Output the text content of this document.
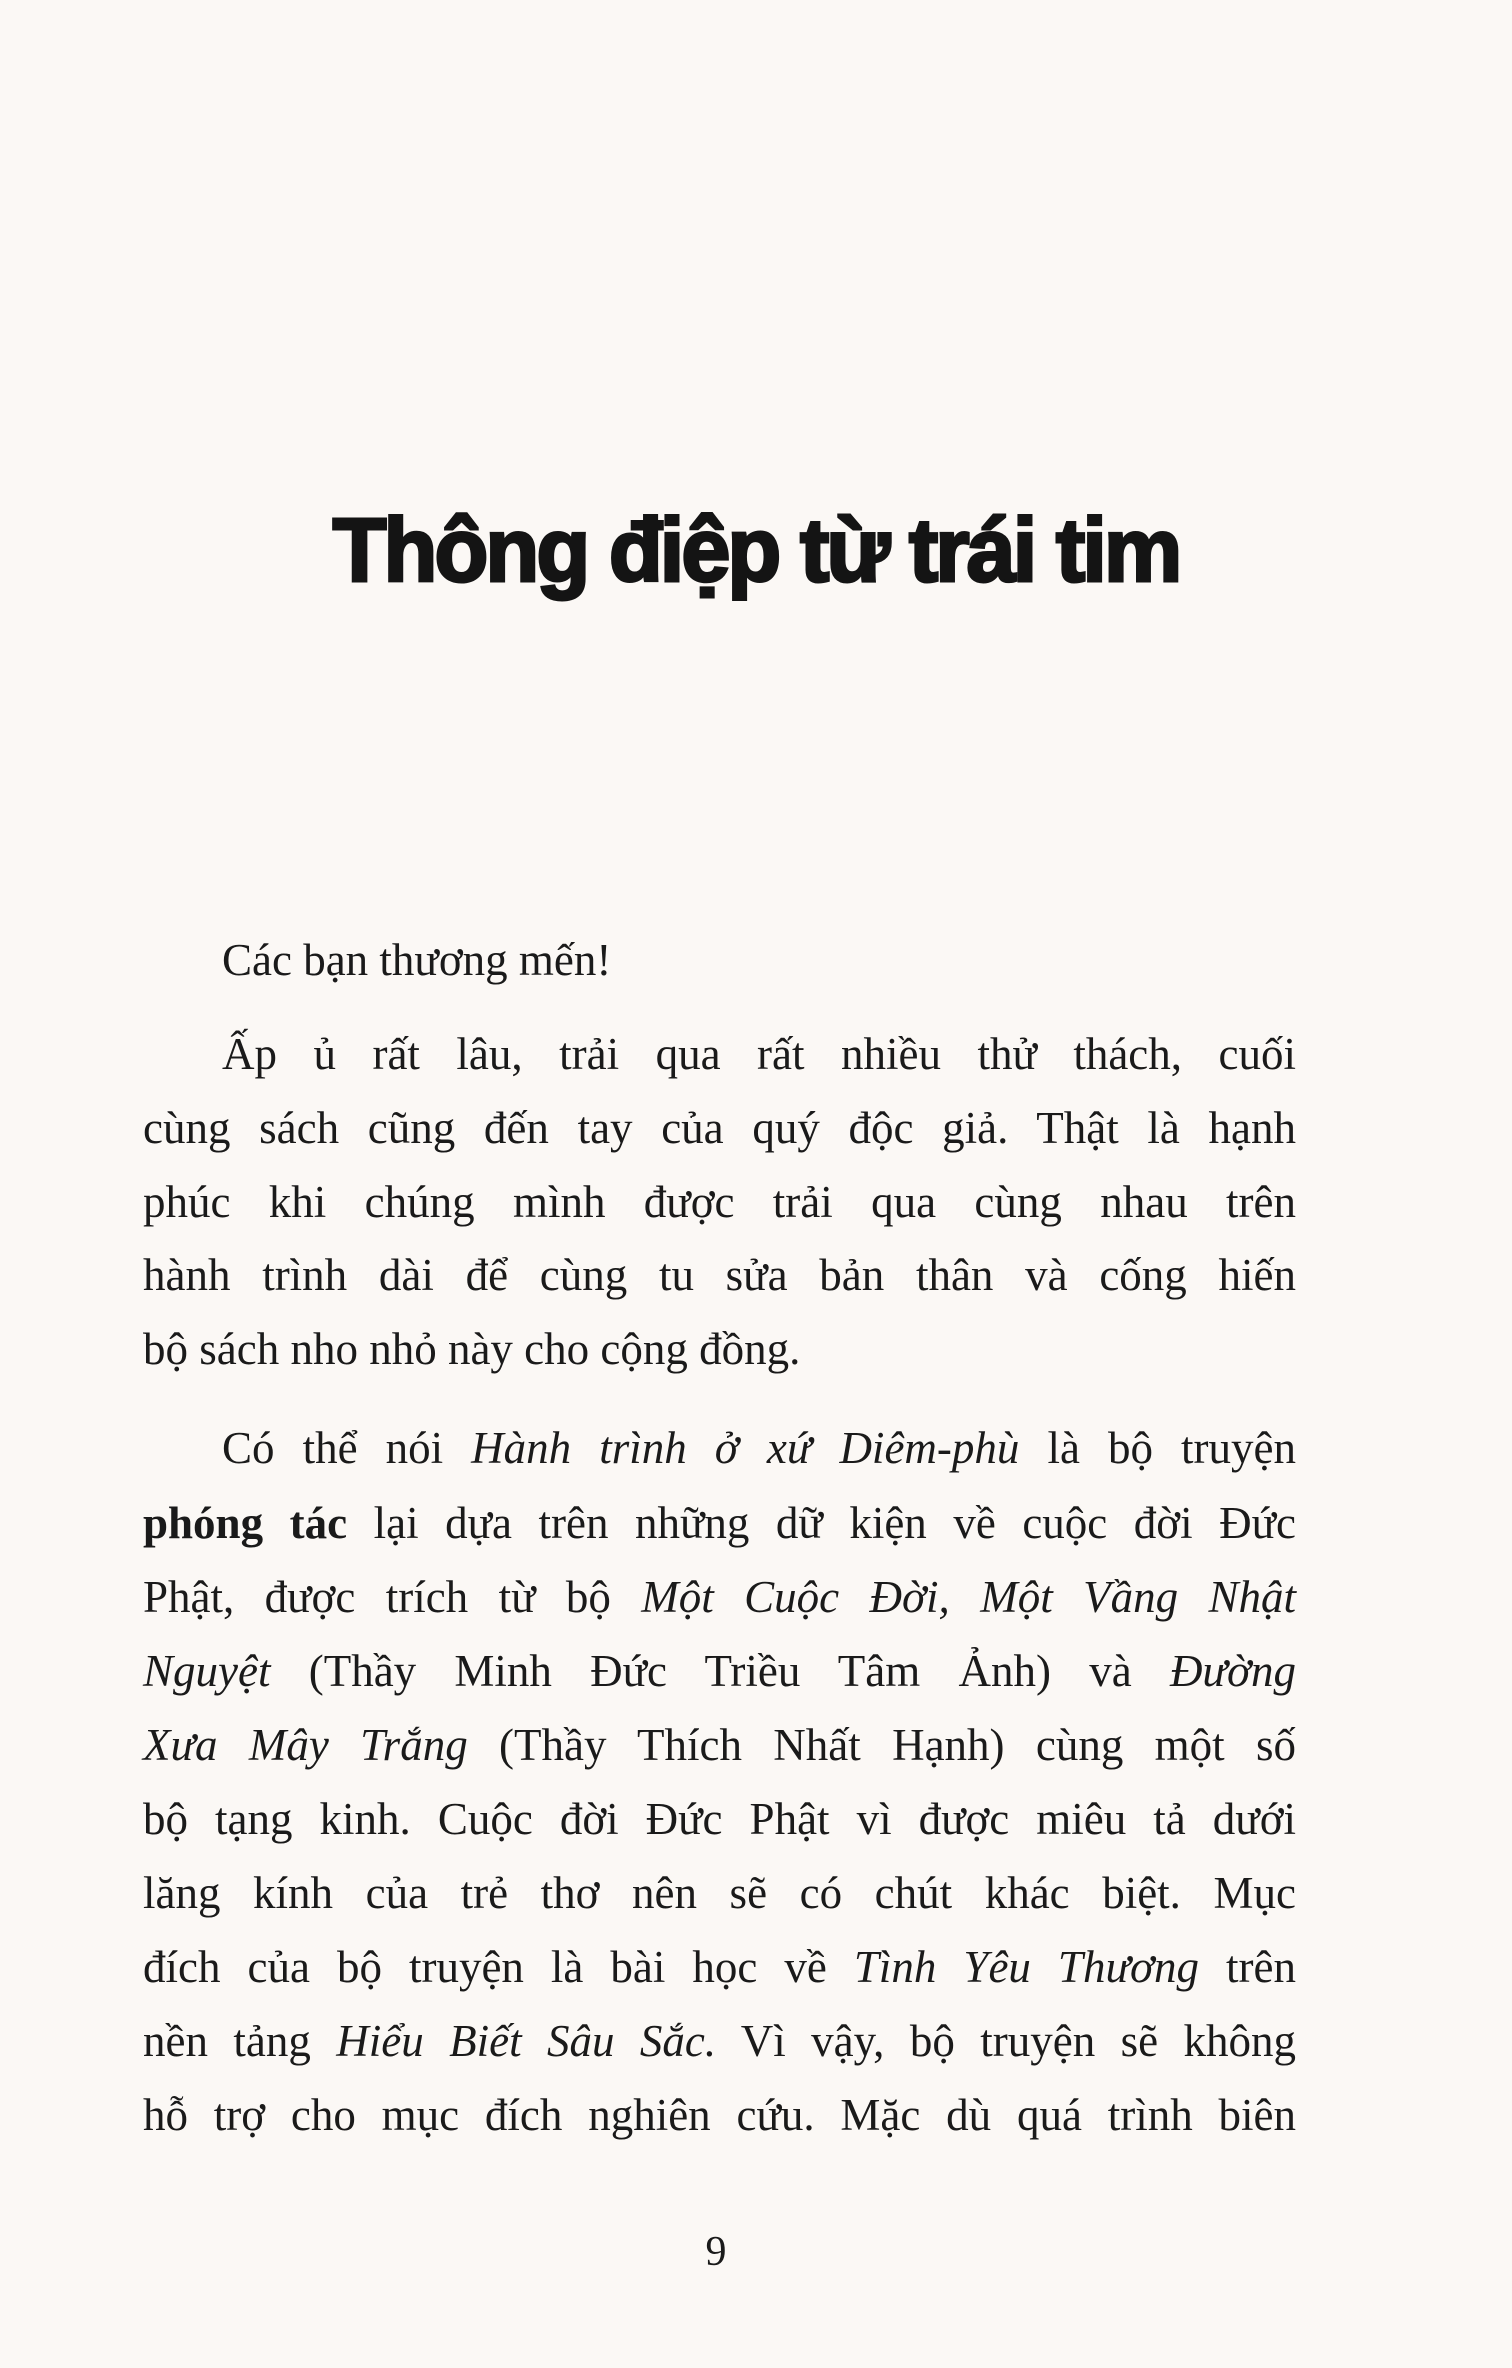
Thông điệp từ trái tim
Các bạn thương mến!
Ấp ủ rất lâu, trải qua rất nhiều thử thách, cuối
cùng sách cũng đến tay của quý độc giả. Thật là hạnh
phúc khi chúng mình được trải qua cùng nhau trên
hành trình dài để cùng tu sửa bản thân và cống hiến
bộ sách nho nhỏ này cho cộng đồng.
Có thể nói Hành trình ở xứ Diêm-phù là bộ truyện
phóng tác lại dựa trên những dữ kiện về cuộc đời Đức
Phật, được trích từ bộ Một Cuộc Đời, Một Vầng Nhật
Nguyệt (Thầy Minh Đức Triều Tâm Ảnh) và Đường
Xưa Mây Trắng (Thầy Thích Nhất Hạnh) cùng một số
bộ tạng kinh. Cuộc đời Đức Phật vì được miêu tả dưới
lăng kính của trẻ thơ nên sẽ có chút khác biệt. Mục
đích của bộ truyện là bài học về Tình Yêu Thương trên
nền tảng Hiểu Biết Sâu Sắc. Vì vậy, bộ truyện sẽ không
hỗ trợ cho mục đích nghiên cứu. Mặc dù quá trình biên
9
